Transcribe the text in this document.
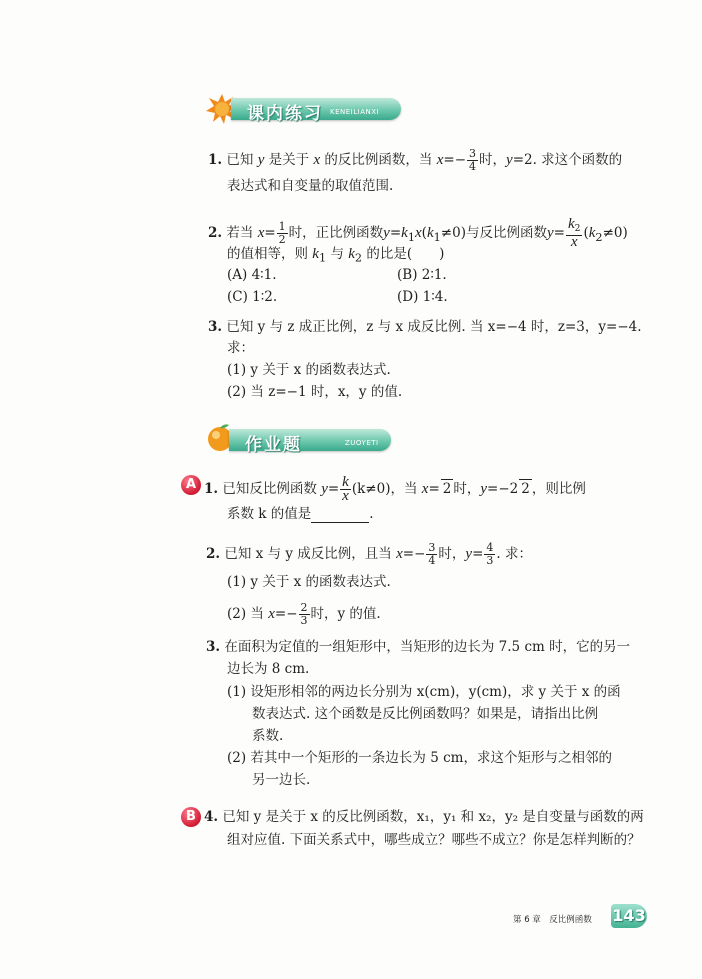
课内练习 KENEILIANXI
1. 已知 y 是关于 x 的反比例函数，当 $x=- \frac{3}{4}$ 时，y=2. 求这个函数的
表达式和自变量的取值范围.
2. 若当 $x= \frac{1}{2}$ 时，正比例函数$y=k_1x(k_1\ne 0)$与反比例函数$y= \frac{k_2}{x} (k_2\ne 0)$
的值相等，则 $k_1$ 与 $k_2$ 的比是(　　)
(A) 4∶1.	(B) 2∶1.
(C) 1∶2.	(D) 1∶4.
3. 已知 y 与 z 成正比例，z 与 x 成反比例. 当 x=−4 时，z=3，y=−4.
求：
(1) y 关于 x 的函数表达式.
(2) 当 z=−1 时，x，y 的值.
作业题	ZUOYETI
A 1. 已知反比例函数 $y= \frac{k}{x} (k\ne 0)$，当 x= 2 时，y=−2 2 ，则比例
系数 k 的值是	.
2. 已知 x 与 y 成反比例，且当 $x=- \frac{3}{4}$ 时，$y= \frac{4}{3}$ . 求：
(1) y 关于 x 的函数表达式.
(2) 当 $x=- \frac{2}{3}$ 时，y 的值.
3. 在面积为定值的一组矩形中，当矩形的边长为 7.5 cm 时，它的另一
边长为 8 cm.
(1) 设矩形相邻的两边长分别为 x(cm)，y(cm)，求 y 关于 x 的函
数表达式. 这个函数是反比例函数吗？如果是，请指出比例
系数.
(2) 若其中一个矩形的一条边长为 5 cm，求这个矩形与之相邻的
另一边长.
B 4. 已知 y 是关于 x 的反比例函数，x₁，y₁ 和 x₂，y₂ 是自变量与函数的两
组对应值. 下面关系式中，哪些成立？哪些不成立？你是怎样判断的？
第 6 章　反比例函数 143
